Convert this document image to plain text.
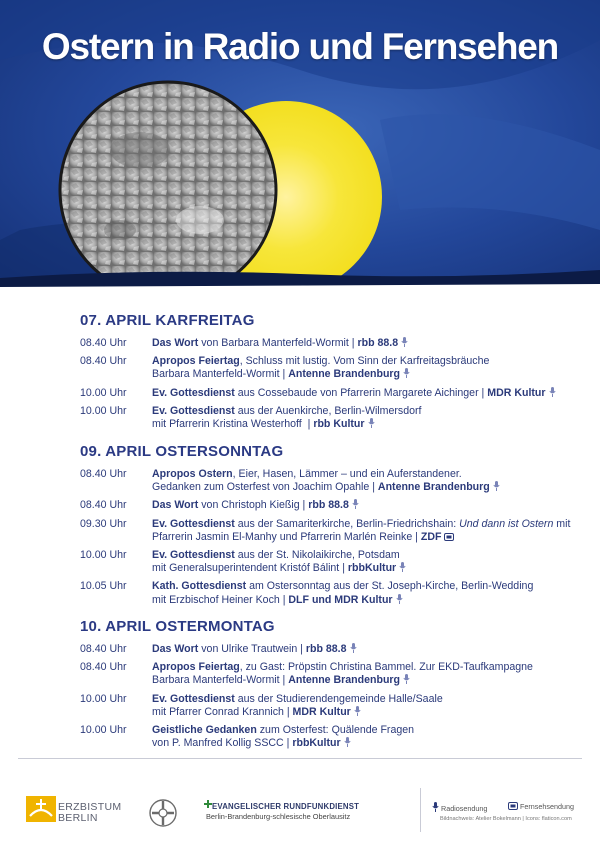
Ostern in Radio und Fernsehen
07. APRIL KARFREITAG
08.40 Uhr	Das Wort von Barbara Manterfeld-Wormit | rbb 88.8
08.40 Uhr	Apropos Feiertag, Schluss mit lustig. Vom Sinn der Karfreitagsbräuche
Barbara Manterfeld-Wormit | Antenne Brandenburg
10.00 Uhr	Ev. Gottesdienst aus Cossebaude von Pfarrerin Margarete Aichinger | MDR Kultur
10.00 Uhr	Ev. Gottesdienst aus der Auenkirche, Berlin-Wilmersdorf
mit Pfarrerin Kristina Westerhoff  | rbb Kultur
09. APRIL OSTERSONNTAG
08.40 Uhr	Apropos Ostern, Eier, Hasen, Lämmer – und ein Auferstandener.
Gedanken zum Osterfest von Joachim Opahle | Antenne Brandenburg
08.40 Uhr	Das Wort von Christoph Kießig | rbb 88.8
09.30 Uhr	Ev. Gottesdienst aus der Samariterkirche, Berlin-Friedrichshain: Und dann ist Ostern mit Pfarrerin Jasmin El-Manhy und Pfarrerin Marlén Reinke | ZDF
10.00 Uhr	Ev. Gottesdienst aus der St. Nikolaikirche, Potsdam
mit Generalsuperintendent Kristóf Bálint | rbbKultur
10.05 Uhr	Kath. Gottesdienst am Ostersonntag aus der St. Joseph-Kirche, Berlin-Wedding
mit Erzbischof Heiner Koch | DLF und MDR Kultur
10. APRIL OSTERMONTAG
08.40 Uhr	Das Wort von Ulrike Trautwein | rbb 88.8
08.40 Uhr	Apropos Feiertag, zu Gast: Pröpstin Christina Bammel. Zur EKD-Taufkampagne
Barbara Manterfeld-Wormit | Antenne Brandenburg
10.00 Uhr	Ev. Gottesdienst aus der Studierendengemeinde Halle/Saale
mit Pfarrer Conrad Krannich | MDR Kultur
10.00 Uhr	Geistliche Gedanken zum Osterfest: Quälende Fragen
von P. Manfred Kollig SSCC | rbbKultur
ERZBISTUM
BERLIN
EVANGELISCHER RUNDFUNKDIENST
Berlin-Brandenburg-schlesische Oberlausitz
Radiosendung	Fernsehsendung
Bildnachweis: Atelier Bokelmann | Icons: flaticon.com
